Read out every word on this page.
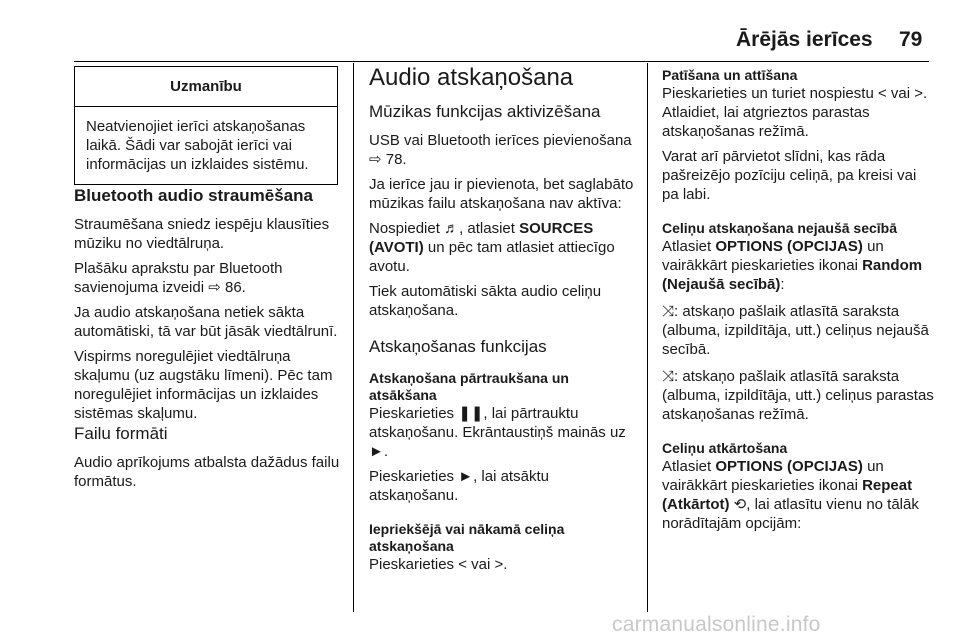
Ārējās ierīces 79
Uzmanību
Neatvienojiet ierīci atskaņošanas laikā. Šādi var sabojāt ierīci vai informācijas un izklaides sistēmu.
Bluetooth audio straumēšana

Straumēšana sniedz iespēju klausīties mūziku no viedtālruņa.

Plašāku aprakstu par Bluetooth savienojuma izveidi ⇨ 86.

Ja audio atskaņošana netiek sākta automātiski, tā var būt jāsāk viedtālrunī.

Vispirms noregulējiet viedtālruņa skaļumu (uz augstāku līmeni). Pēc tam noregulējiet informācijas un izklaides sistēmas skaļumu.

Failu formāti

Audio aprīkojums atbalsta dažādus failu formātus.

Audio atskaņošana
Mūzikas funkcijas aktivizēšana

USB vai Bluetooth ierīces pievienošana ⇨ 78.

Ja ierīce jau ir pievienota, bet saglabāto mūzikas failu atskaņošana nav aktīva:

Nospiediet ♬, atlasiet SOURCES (AVOTI) un pēc tam atlasiet attiecīgo avotu.

Tiek automātiski sākta audio celiņu atskaņošana.

Atskaņošanas funkcijas

Atskaņošana pārtraukšana un atsākšana

Pieskarieties ❚❚, lai pārtrauktu atskaņošanu. Ekrāntaustiņš mainās uz ►.

Pieskarieties ►, lai atsāktu atskaņošanu.

Iepriekšējā vai nākamā celiņa atskaņošana

Pieskarieties < vai >.

Patīšana un attīšana

Pieskarieties un turiet nospiestu < vai >. Atlaidiet, lai atgrieztos parastas atskaņošanas režīmā.

Varat arī pārvietot slīdni, kas rāda pašreizējo pozīciju celiņā, pa kreisi vai pa labi.

Celiņu atskaņošana nejaušā secībā

Atlasiet OPTIONS (OPCIJAS) un vairākkārt pieskarieties ikonai Random (Nejaušā secībā):

⤨: atskaņo pašlaik atlasītā saraksta (albuma, izpildītāja, utt.) celiņus nejaušā secībā.

⤨: atskaņo pašlaik atlasītā saraksta (albuma, izpildītāja, utt.) celiņus parastas atskaņošanas režīmā.

Celiņu atkārtošana

Atlasiet OPTIONS (OPCIJAS) un vairākkārt pieskarieties ikonai Repeat (Atkārtot) ⟲, lai atlasītu vienu no tālāk norādītajām opcijām:

carmanualsonline.info
